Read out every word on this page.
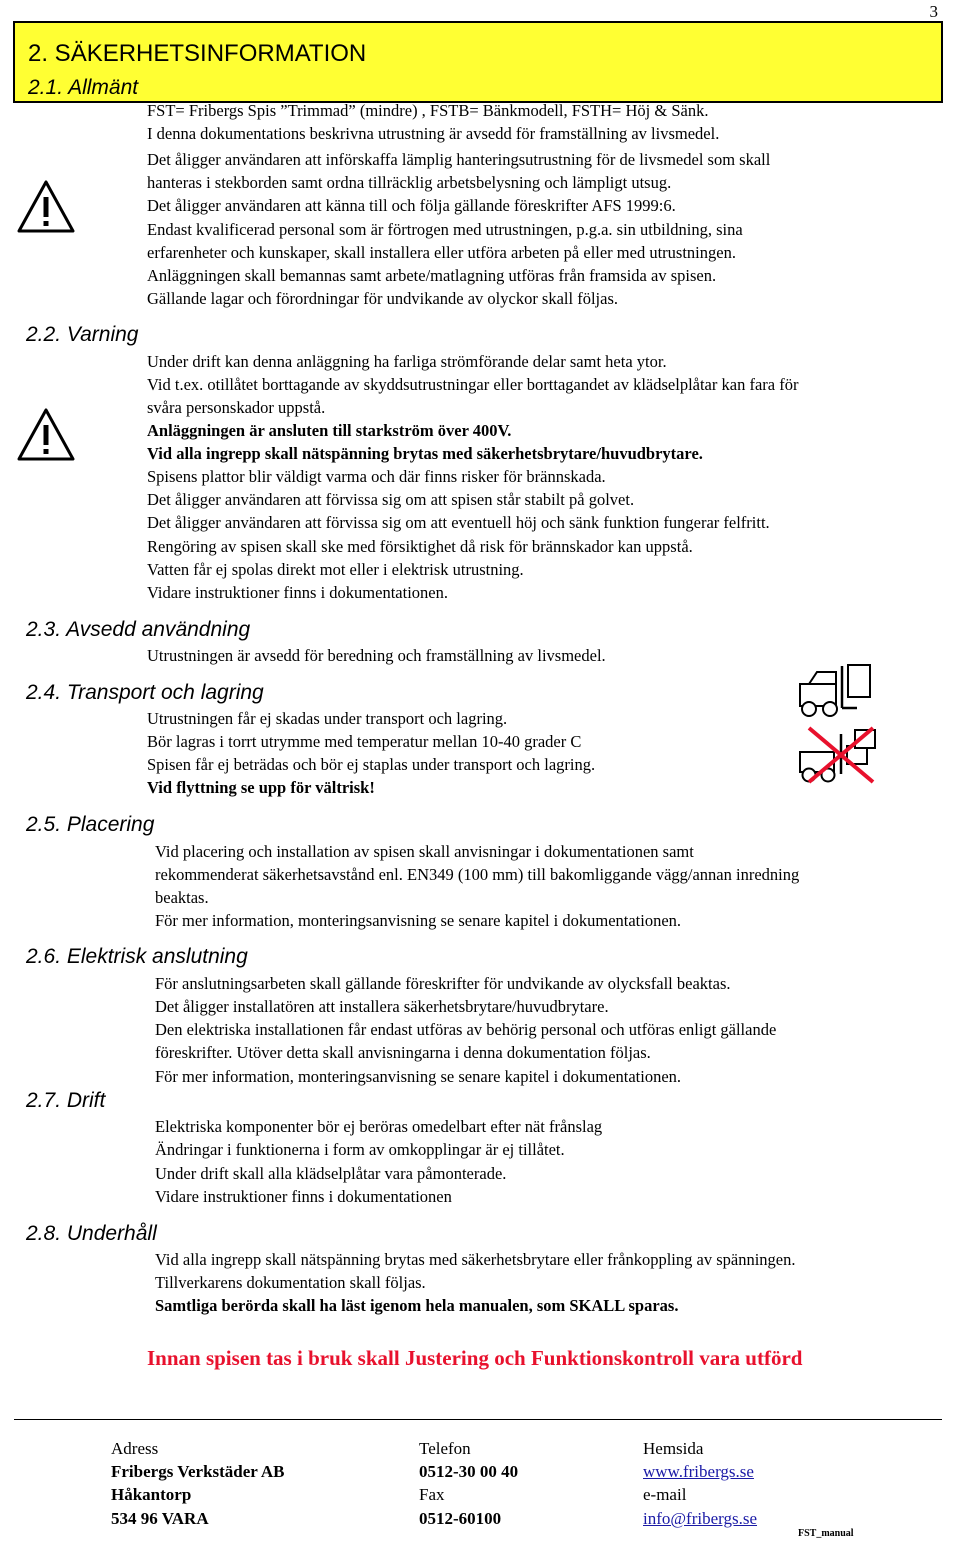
3
2. SÄKERHETSINFORMATION
2.1. Allmänt
FST= Fribergs Spis ”Trimmad” (mindre) , FSTB= Bänkmodell, FSTH= Höj & Sänk.
I denna dokumentations beskrivna utrustning är avsedd för framställning av livsmedel.
Det åligger användaren att införskaffa lämplig hanteringsutrustning för de livsmedel som skall
hanteras i stekborden samt ordna tillräcklig arbetsbelysning och lämpligt utsug.
Det åligger användaren att känna till och följa gällande föreskrifter AFS 1999:6.
Endast kvalificerad personal som är förtrogen med utrustningen, p.g.a. sin utbildning, sina
erfarenheter och kunskaper, skall installera eller utföra arbeten på eller med utrustningen.
Anläggningen skall bemannas samt arbete/matlagning utföras från framsida av spisen.
Gällande lagar och förordningar för undvikande av olyckor skall följas.
2.2. Varning
Under drift kan denna anläggning ha farliga strömförande delar samt heta ytor.
Vid t.ex. otillåtet borttagande av skyddsutrustningar eller borttagandet av klädselplåtar kan fara för
svåra personskador uppstå.
Anläggningen är ansluten till starkström över 400V.
Vid alla ingrepp skall nätspänning brytas med säkerhetsbrytare/huvudbrytare.
Spisens plattor blir väldigt varma och där finns risker för brännskada.
Det åligger användaren att förvissa sig om att spisen står stabilt på golvet.
Det åligger användaren att förvissa sig om att eventuell höj och sänk funktion fungerar felfritt.
Rengöring av spisen skall ske med försiktighet då risk för brännskador kan uppstå.
Vatten får ej spolas direkt mot eller i elektrisk utrustning.
Vidare instruktioner finns i dokumentationen.
2.3. Avsedd användning
Utrustningen är avsedd för beredning och framställning av livsmedel.
2.4. Transport och lagring
Utrustningen får ej skadas under transport och lagring.
Bör lagras i torrt utrymme med temperatur mellan 10-40 grader C
Spisen får ej beträdas och bör ej staplas under transport och lagring.
Vid flyttning se upp för vältrisk!
2.5. Placering
Vid placering och installation av spisen skall anvisningar i dokumentationen samt
rekommenderat säkerhetsavstånd enl. EN349 (100 mm) till bakomliggande vägg/annan inredning
beaktas.
För mer information, monteringsanvisning se senare kapitel i dokumentationen.
2.6. Elektrisk anslutning
För anslutningsarbeten skall gällande föreskrifter för undvikande av olycksfall beaktas.
Det åligger installatören att installera säkerhetsbrytare/huvudbrytare.
Den elektriska installationen får endast utföras av behörig personal och utföras enligt gällande
föreskrifter. Utöver detta skall anvisningarna i denna dokumentation följas.
För mer information, monteringsanvisning se senare kapitel i dokumentationen.
2.7. Drift
Elektriska komponenter bör ej beröras omedelbart efter nät frånslag
Ändringar i funktionerna i form av omkopplingar är ej tillåtet.
Under drift skall alla klädselplåtar vara påmonterade.
Vidare instruktioner finns i dokumentationen
2.8. Underhåll
Vid alla ingrepp skall nätspänning brytas med säkerhetsbrytare eller frånkoppling av spänningen.
Tillverkarens dokumentation skall följas.
Samtliga berörda skall ha läst igenom hela manualen, som SKALL sparas.
Innan spisen tas i bruk skall Justering och Funktionskontroll vara utförd
Adress
Fribergs Verkstäder AB
Håkantorp
534 96 VARA
Telefon
0512-30 00 40
Fax
0512-60100
Hemsida
www.fribergs.se
e-mail
info@fribergs.se
FST_manual
